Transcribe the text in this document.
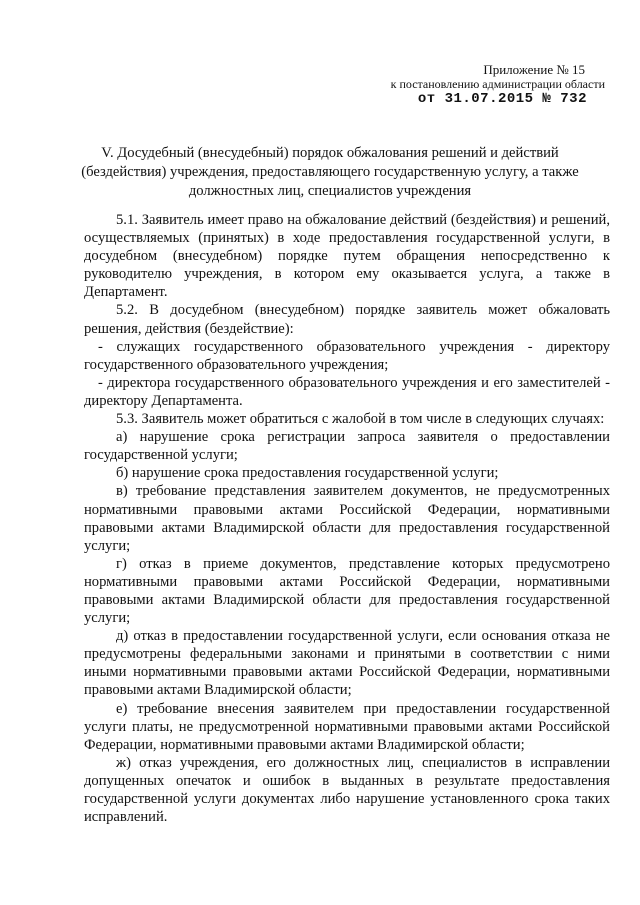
Приложение № 15
к постановлению администрации области
от 31.07.2015 № 732
V. Досудебный (внесудебный) порядок обжалования решений и действий (бездействия) учреждения, предоставляющего государственную услугу, а также должностных лиц, специалистов учреждения

5.1. Заявитель имеет право на обжалование действий (бездействия) и решений, осуществляемых (принятых) в ходе предоставления государственной услуги, в досудебном (внесудебном) порядке путем обращения непосредственно к руководителю учреждения, в котором ему оказывается услуга, а также в Департамент.

5.2. В досудебном (внесудебном) порядке заявитель может обжаловать решения, действия (бездействие):

- служащих государственного образовательного учреждения - директору государственного образовательного учреждения;

- директора государственного образовательного учреждения и его заместителей - директору Департамента.

5.3. Заявитель может обратиться с жалобой в том числе в следующих случаях:

а) нарушение срока регистрации запроса заявителя о предоставлении государственной услуги;

б) нарушение срока предоставления государственной услуги;

в) требование представления заявителем документов, не предусмотренных нормативными правовыми актами Российской Федерации, нормативными правовыми актами Владимирской области для предоставления государственной услуги;

г) отказ в приеме документов, представление которых предусмотрено нормативными правовыми актами Российской Федерации, нормативными правовыми актами Владимирской области для предоставления государственной услуги;

д) отказ в предоставлении государственной услуги, если основания отказа не предусмотрены федеральными законами и принятыми в соответствии с ними иными нормативными правовыми актами Российской Федерации, нормативными правовыми актами Владимирской области;

е) требование внесения заявителем при предоставлении государственной услуги платы, не предусмотренной нормативными правовыми актами Российской Федерации, нормативными правовыми актами Владимирской области;

ж) отказ учреждения, его должностных лиц, специалистов в исправлении допущенных опечаток и ошибок в выданных в результате предоставления государственной услуги документах либо нарушение установленного срока таких исправлений.
